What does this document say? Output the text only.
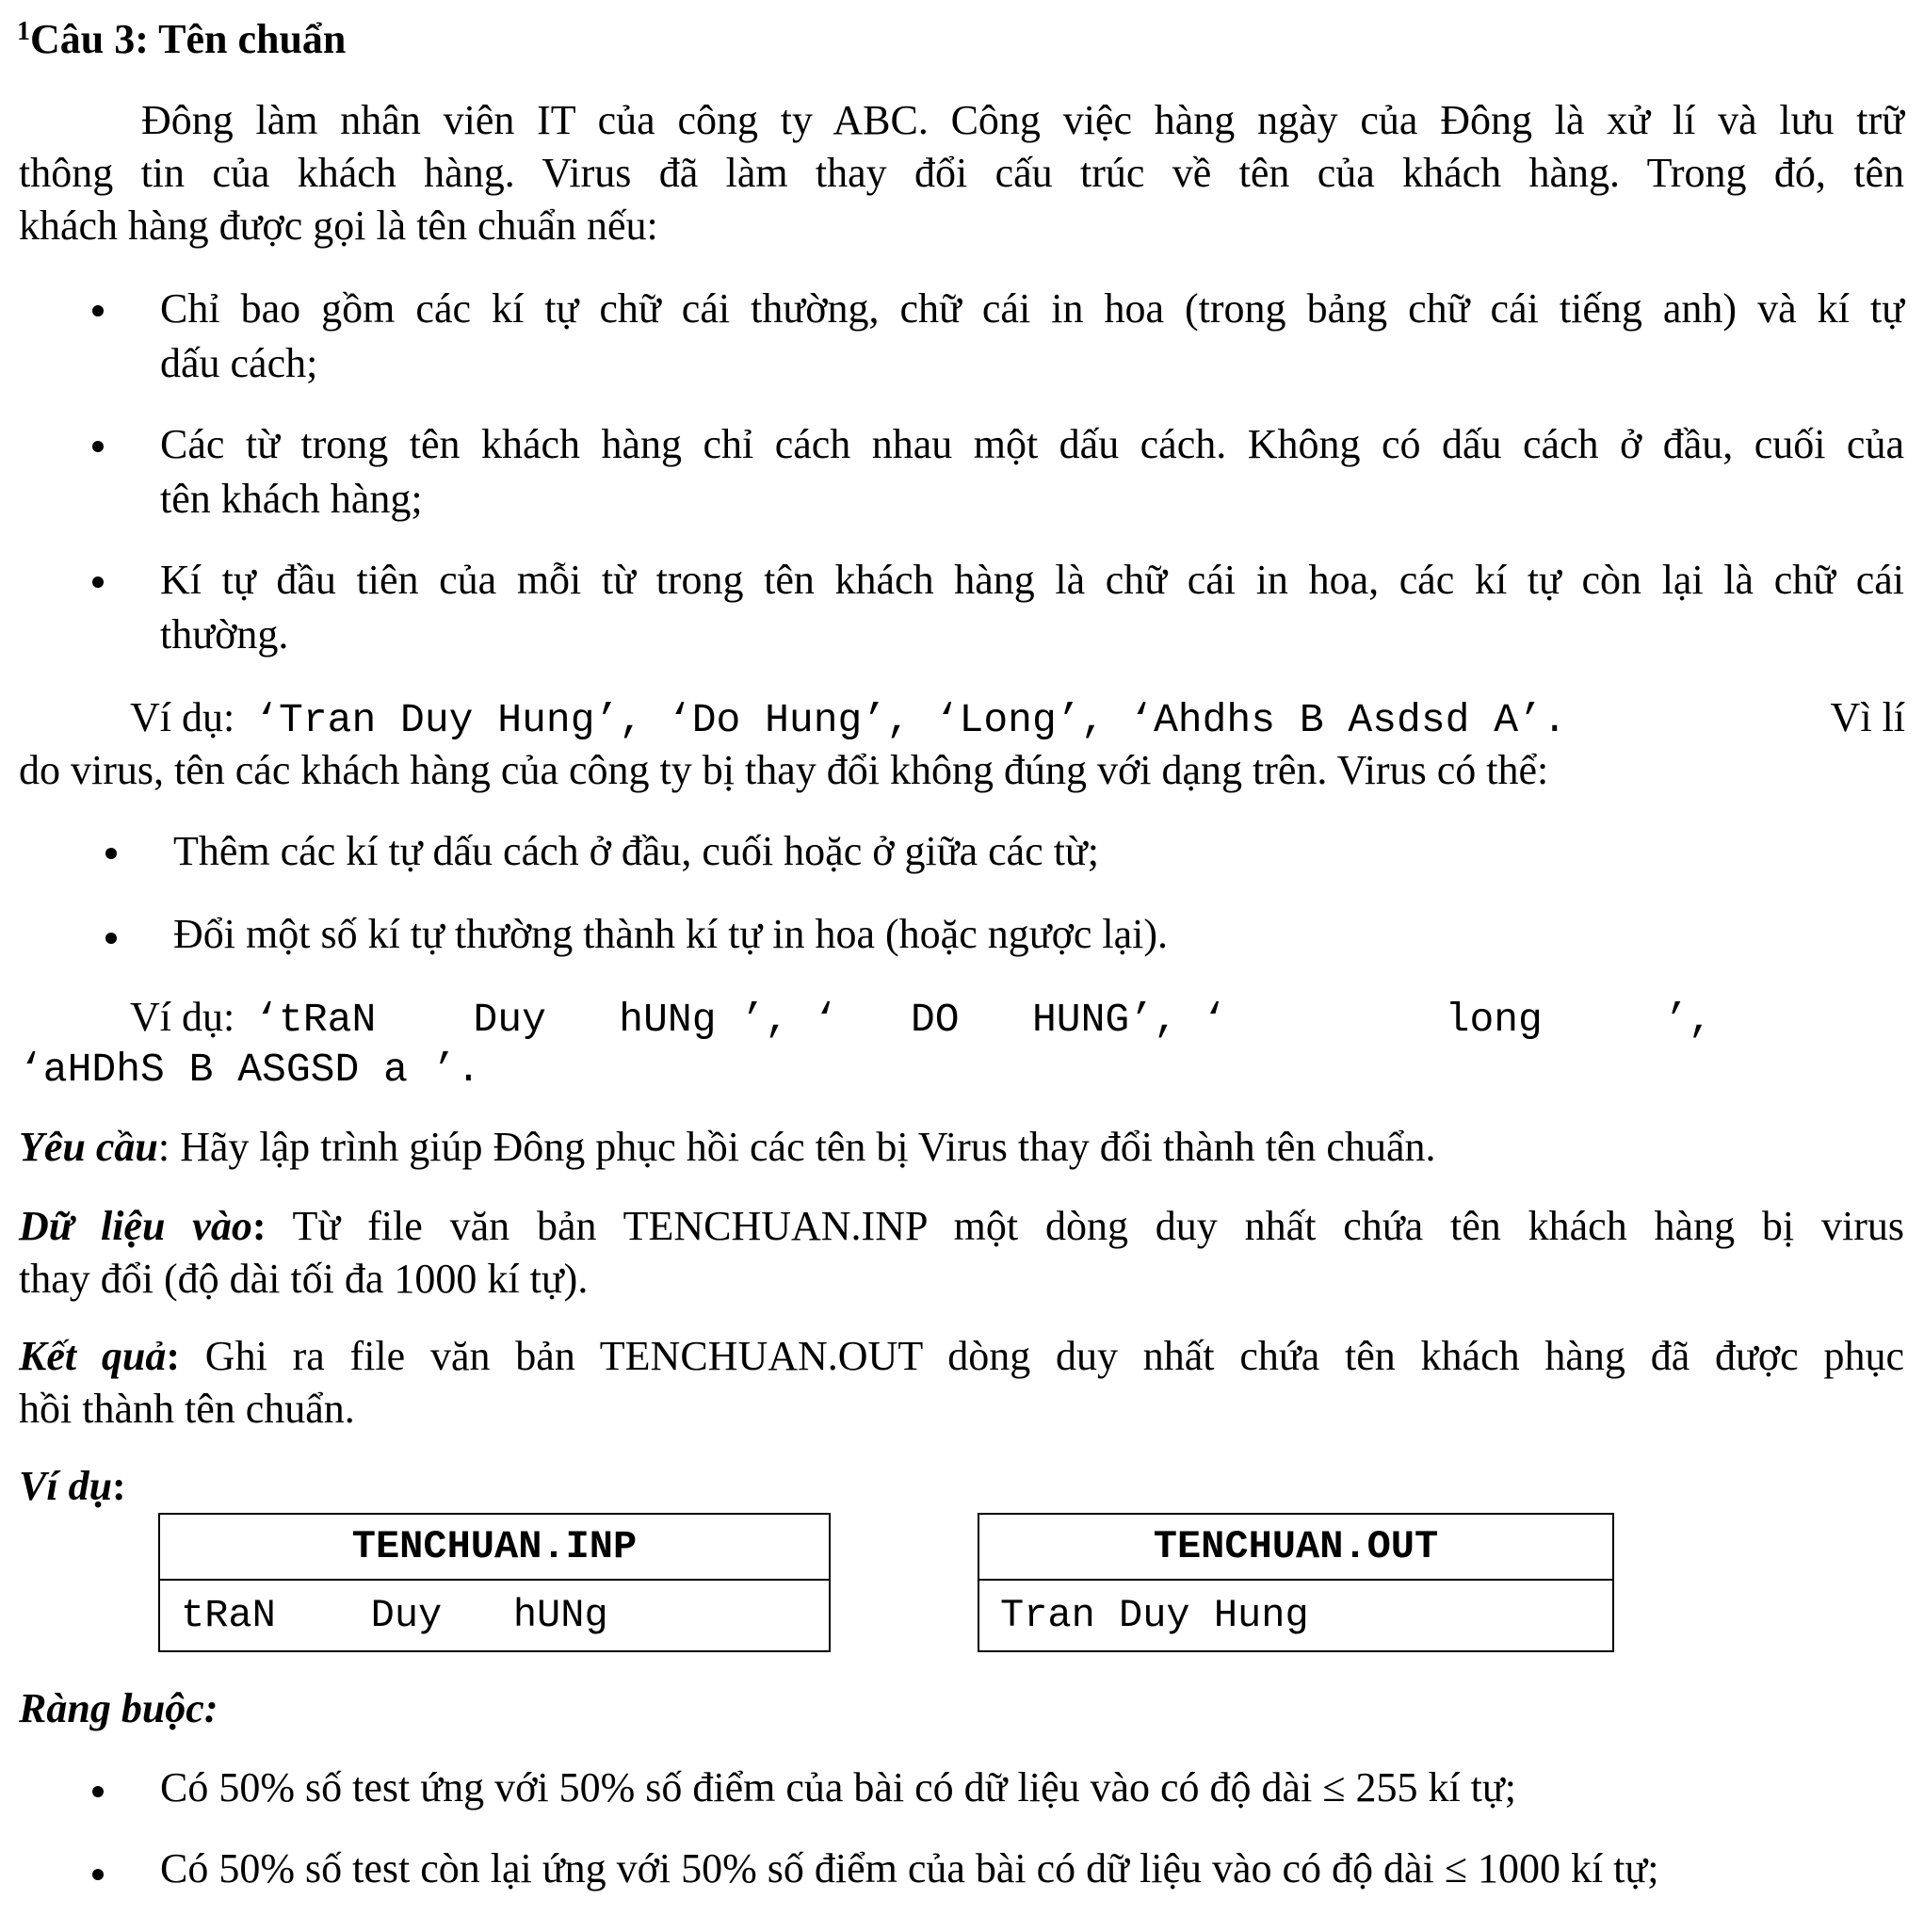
$^1$Câu 3: Tên chuẩn
Đông làm nhân viên IT của công ty ABC. Công việc hàng ngày của Đông là xử lí và lưu trữ
thông tin của khách hàng. Virus đã làm thay đổi cấu trúc về tên của khách hàng. Trong đó, tên
khách hàng được gọi là tên chuẩn nếu:
Chỉ bao gồm các kí tự chữ cái thường, chữ cái in hoa (trong bảng chữ cái tiếng anh) và kí tự
dấu cách;
Các từ trong tên khách hàng chỉ cách nhau một dấu cách. Không có dấu cách ở đầu, cuối của
tên khách hàng;
Kí tự đầu tiên của mỗi từ trong tên khách hàng là chữ cái in hoa, các kí tự còn lại là chữ cái
thường.
Ví dụ: ‘Tran Duy Hung’, ‘Do Hung’, ‘Long’, ‘Ahdhs B Asdsd A’.	Vì lí
do virus, tên các khách hàng của công ty bị thay đổi không đúng với dạng trên. Virus có thể:
Thêm các kí tự dấu cách ở đầu, cuối hoặc ở giữa các từ;
Đổi một số kí tự thường thành kí tự in hoa (hoặc ngược lại).
Ví dụ: ‘tRaN    Duy   hUNg ’, ‘   DO   HUNG’, ‘         long     ’,
‘aHDhS B ASGSD a ’.
Yêu cầu: Hãy lập trình giúp Đông phục hồi các tên bị Virus thay đổi thành tên chuẩn.
Dữ liệu vào: Từ file văn bản TENCHUAN.INP một dòng duy nhất chứa tên khách hàng bị virus
thay đổi (độ dài tối đa 1000 kí tự).
Kết quả: Ghi ra file văn bản TENCHUAN.OUT dòng duy nhất chứa tên khách hàng đã được phục
hồi thành tên chuẩn.
Ví dụ:
TENCHUAN.INP
tRaN    Duy   hUNg
TENCHUAN.OUT
Tran Duy Hung
Ràng buộc:
Có 50% số test ứng với 50% số điểm của bài có dữ liệu vào có độ dài ≤ 255 kí tự;
Có 50% số test còn lại ứng với 50% số điểm của bài có dữ liệu vào có độ dài ≤ 1000 kí tự;
